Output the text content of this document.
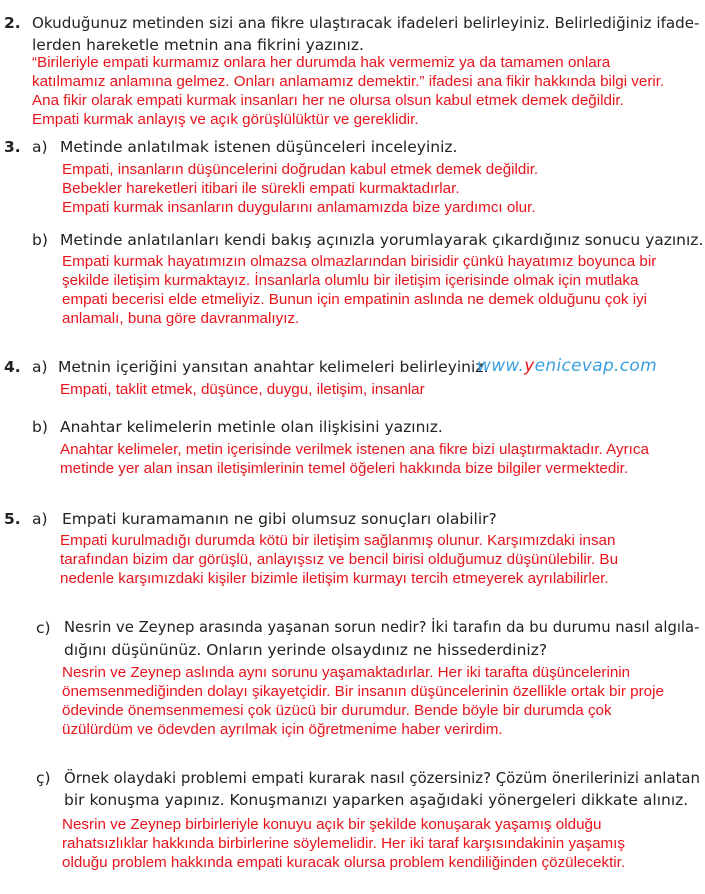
2. Okuduğunuz metinden sizi ana fikre ulaştıracak ifadeleri belirleyiniz. Belirlediğiniz ifade-
lerden hareketle metnin ana fikrini yazınız.
“Birileriyle empati kurmamız onlara her durumda hak vermemiz ya da tamamen onlara
katılmamız anlamına gelmez. Onları anlamamız demektir.” ifadesi ana fikir hakkında bilgi verir.
Ana fikir olarak empati kurmak insanları her ne olursa olsun kabul etmek demek değildir.
Empati kurmak anlayış ve açık görüşlülüktür ve gereklidir.
3. a) Metinde anlatılmak istenen düşünceleri inceleyiniz.
Empati, insanların düşüncelerini doğrudan kabul etmek demek değildir.
Bebekler hareketleri itibari ile sürekli empati kurmaktadırlar.
Empati kurmak insanların duygularını anlamamızda bize yardımcı olur.
b) Metinde anlatılanları kendi bakış açınızla yorumlayarak çıkardığınız sonucu yazınız.
Empati kurmak hayatımızın olmazsa olmazlarından birisidir çünkü hayatımız boyunca bir
şekilde iletişim kurmaktayız. İnsanlarla olumlu bir iletişim içerisinde olmak için mutlaka
empati becerisi elde etmeliyiz. Bunun için empatinin aslında ne demek olduğunu çok iyi
anlamalı, buna göre davranmalıyız.
4. a) Metnin içeriğini yansıtan anahtar kelimeleri belirleyiniz.
www.yenicevap.com
Empati, taklit etmek, düşünce, duygu, iletişim, insanlar
b) Anahtar kelimelerin metinle olan ilişkisini yazınız.
Anahtar kelimeler, metin içerisinde verilmek istenen ana fikre bizi ulaştırmaktadır. Ayrıca
metinde yer alan insan iletişimlerinin temel öğeleri hakkında bize bilgiler vermektedir.
5. a) Empati kuramamanın ne gibi olumsuz sonuçları olabilir?
Empati kurulmadığı durumda kötü bir iletişim sağlanmış olunur. Karşımızdaki insan
tarafından bizim dar görüşlü, anlayışsız ve bencil birisi olduğumuz düşünülebilir. Bu
nedenle karşımızdaki kişiler bizimle iletişim kurmayı tercih etmeyerek ayrılabilirler.
c) Nesrin ve Zeynep arasında yaşanan sorun nedir? İki tarafın da bu durumu nasıl algıla-
dığını düşününüz. Onların yerinde olsaydınız ne hissederdiniz?
Nesrin ve Zeynep aslında aynı sorunu yaşamaktadırlar. Her iki tarafta düşüncelerinin
önemsenmediğinden dolayı şikayetçidir. Bir insanın düşüncelerinin özellikle ortak bir proje
ödevinde önemsenmemesi çok üzücü bir durumdur. Bende böyle bir durumda çok
üzülürdüm ve ödevden ayrılmak için öğretmenime haber verirdim.
ç) Örnek olaydaki problemi empati kurarak nasıl çözersiniz? Çözüm önerilerinizi anlatan
bir konuşma yapınız. Konuşmanızı yaparken aşağıdaki yönergeleri dikkate alınız.
Nesrin ve Zeynep birbirleriyle konuyu açık bir şekilde konuşarak yaşamış olduğu
rahatsızlıklar hakkında birbirlerine söylemelidir. Her iki taraf karşısındakinin yaşamış
olduğu problem hakkında empati kuracak olursa problem kendiliğinden çözülecektir.
